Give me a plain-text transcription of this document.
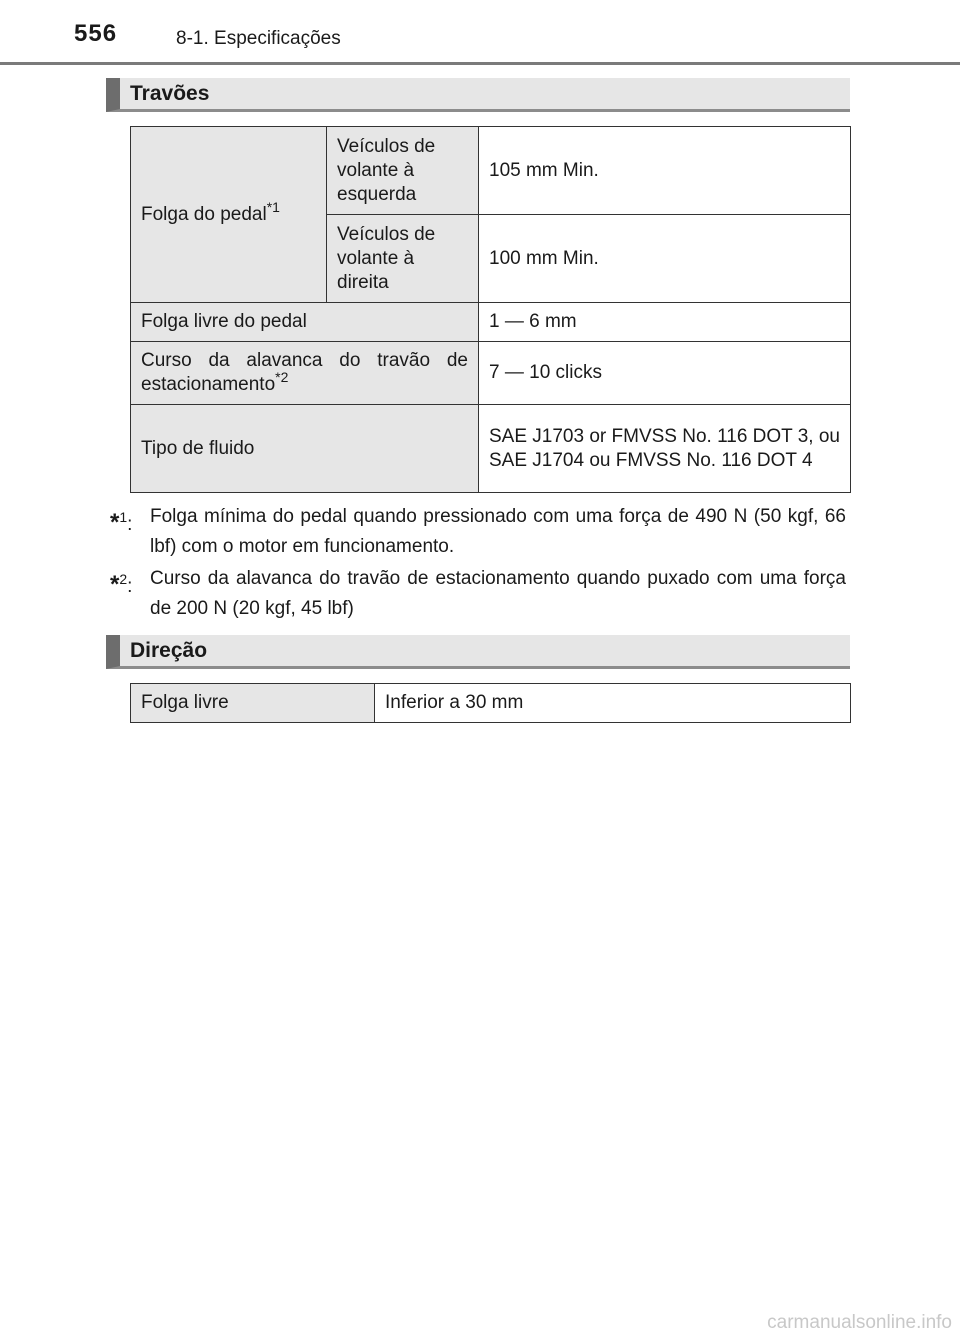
556	8-1. Especificações
Travões
Folga do pedal$^{*1}$	Veículos de volante à esquerda	105 mm Min.
	Veículos de volante à direita	100 mm Min.
Folga livre do pedal		1 — 6 mm
Curso da alavanca do travão de estacionamento$^{*2}$		7 — 10 clicks
Tipo de fluido		SAE J1703 or FMVSS No. 116 DOT 3, ou SAE J1704 ou FMVSS No. 116 DOT 4
*$^1$: Folga mínima do pedal quando pressionado com uma força de 490 N (50 kgf, 66 lbf) com o motor em funcionamento.
*$^2$: Curso da alavanca do travão de estacionamento quando puxado com uma força de 200 N (20 kgf, 45 lbf)
Direção
Folga livre	Inferior a 30 mm
carmanualsonline.info
